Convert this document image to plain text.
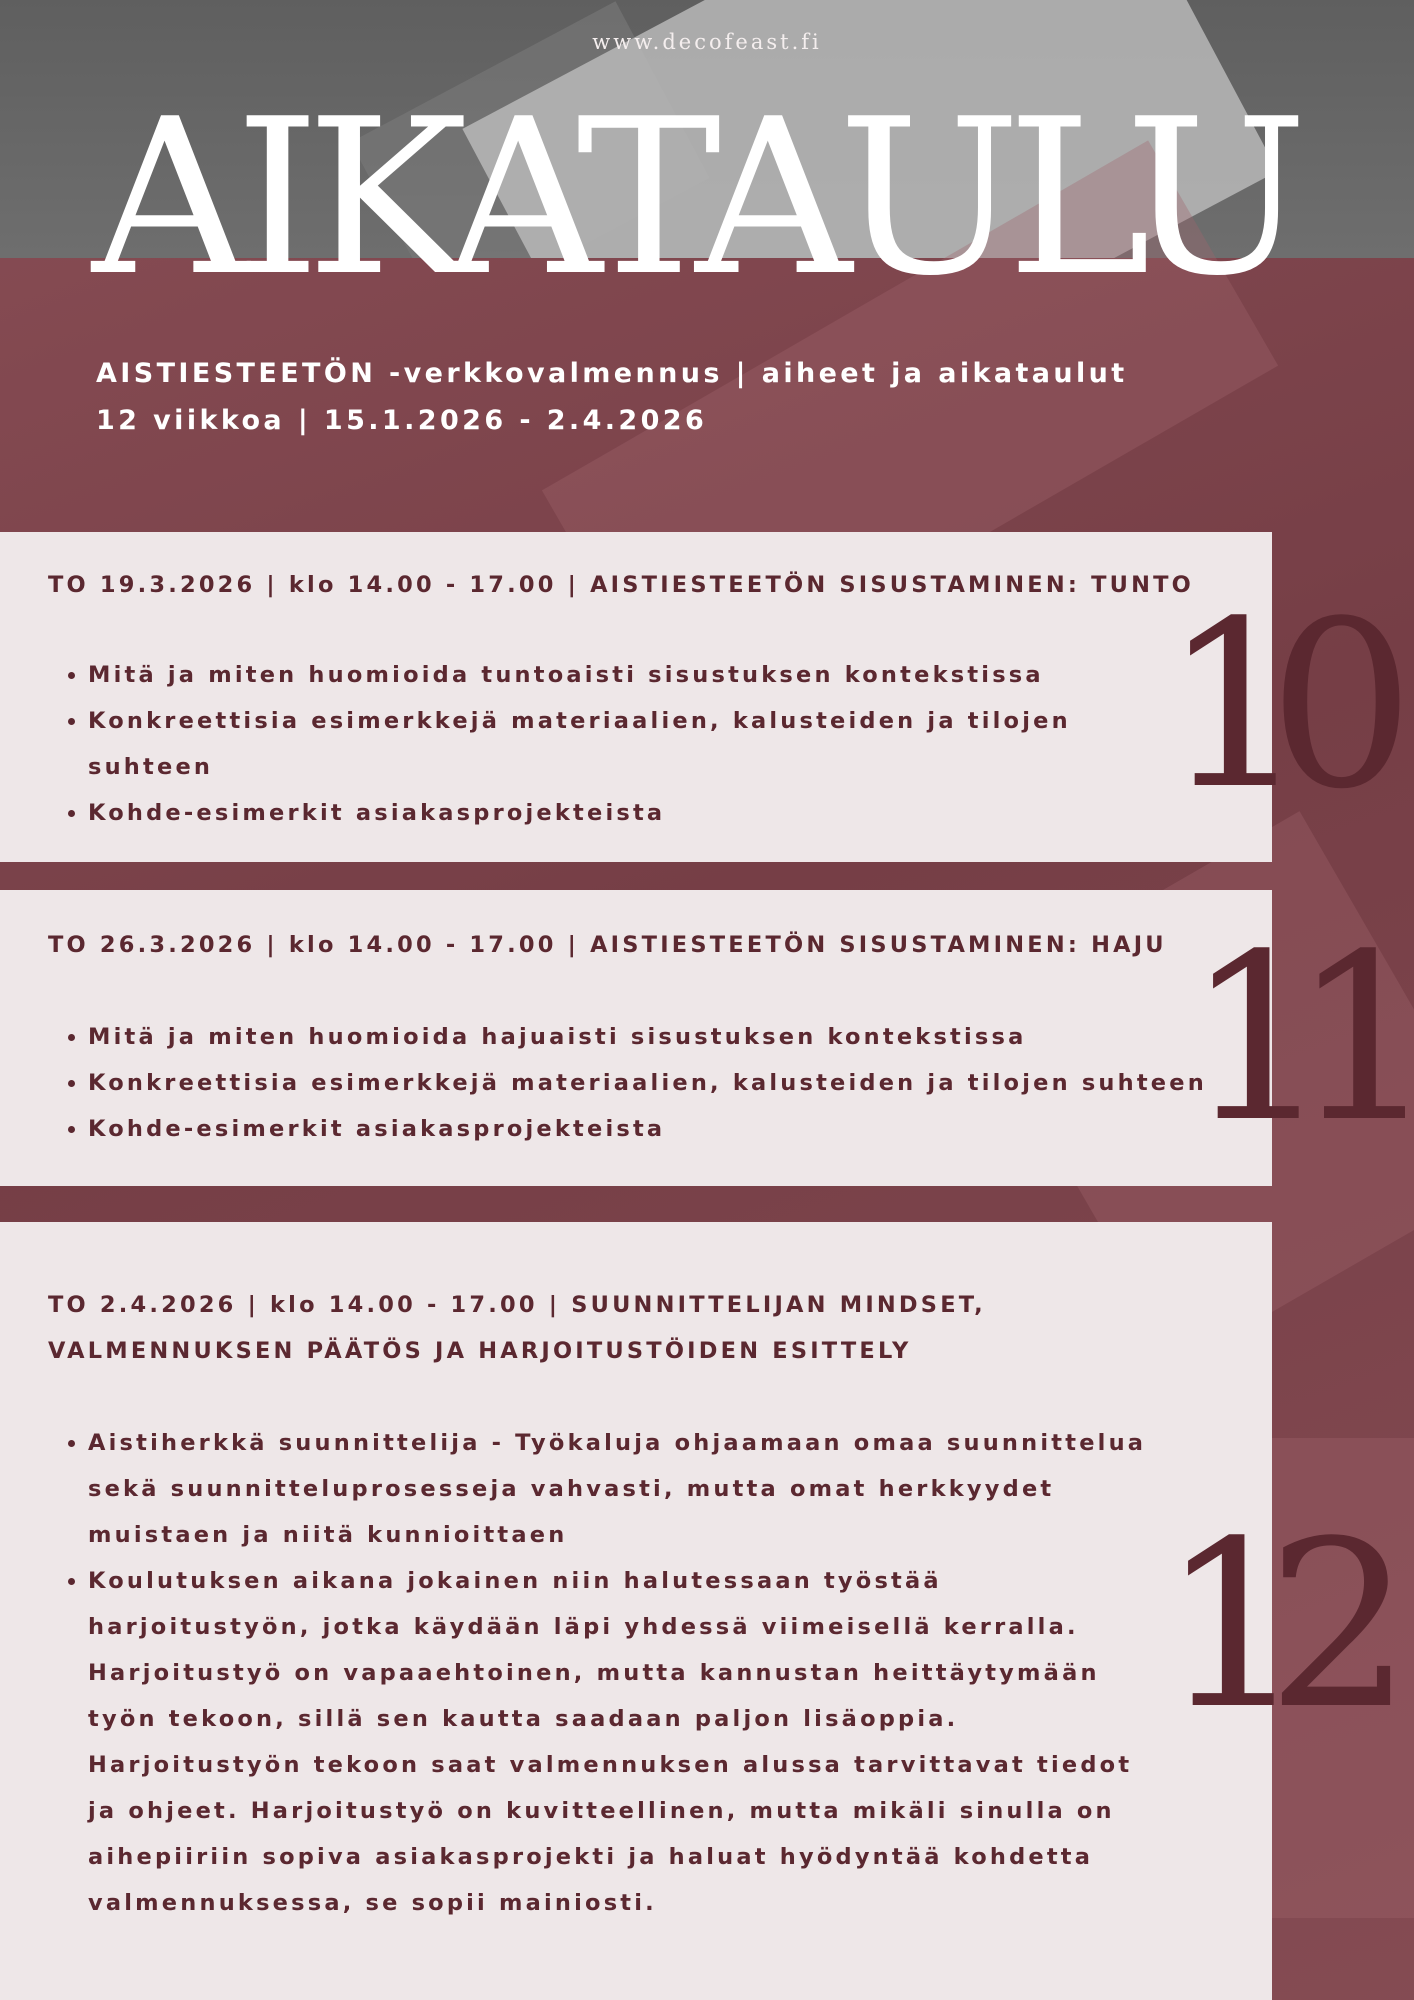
www.decofeast.fi
AIKATAULU
AISTIESTEETÖN -verkkovalmennus | aiheet ja aikataulut
12 viikkoa | 15.1.2026 - 2.4.2026
TO 19.3.2026 | klo 14.00 - 17.00 | AISTIESTEETÖN SISUSTAMINEN: TUNTO
• Mitä ja miten huomioida tuntoaisti sisustuksen kontekstissa
• Konkreettisia esimerkkejä materiaalien, kalusteiden ja tilojen suhteen
• Kohde-esimerkit asiakasprojekteista	10
TO 26.3.2026 | klo 14.00 - 17.00 | AISTIESTEETÖN SISUSTAMINEN: HAJU
• Mitä ja miten huomioida hajuaisti sisustuksen kontekstissa
• Konkreettisia esimerkkejä materiaalien, kalusteiden ja tilojen suhteen
• Kohde-esimerkit asiakasprojekteista	11
TO 2.4.2026 | klo 14.00 - 17.00 | SUUNNITTELIJAN MINDSET, VALMENNUKSEN PÄÄTÖS JA HARJOITUSTÖIDEN ESITTELY
• Aistiherkkä suunnittelija - Työkaluja ohjaamaan omaa suunnittelua sekä suunnitteluprosesseja vahvasti, mutta omat herkkyydet muistaen ja niitä kunnioittaen
• Koulutuksen aikana jokainen niin halutessaan työstää harjoitustyön, jotka käydään läpi yhdessä viimeisellä kerralla. Harjoitustyö on vapaaehtoinen, mutta kannustan heittäytymään työn tekoon, sillä sen kautta saadaan paljon lisäoppia. Harjoitustyön tekoon saat valmennuksen alussa tarvittavat tiedot ja ohjeet. Harjoitustyö on kuvitteellinen, mutta mikäli sinulla on aihepiiriin sopiva asiakasprojekti ja haluat hyödyntää kohdetta valmennuksessa, se sopii mainiosti.
12
